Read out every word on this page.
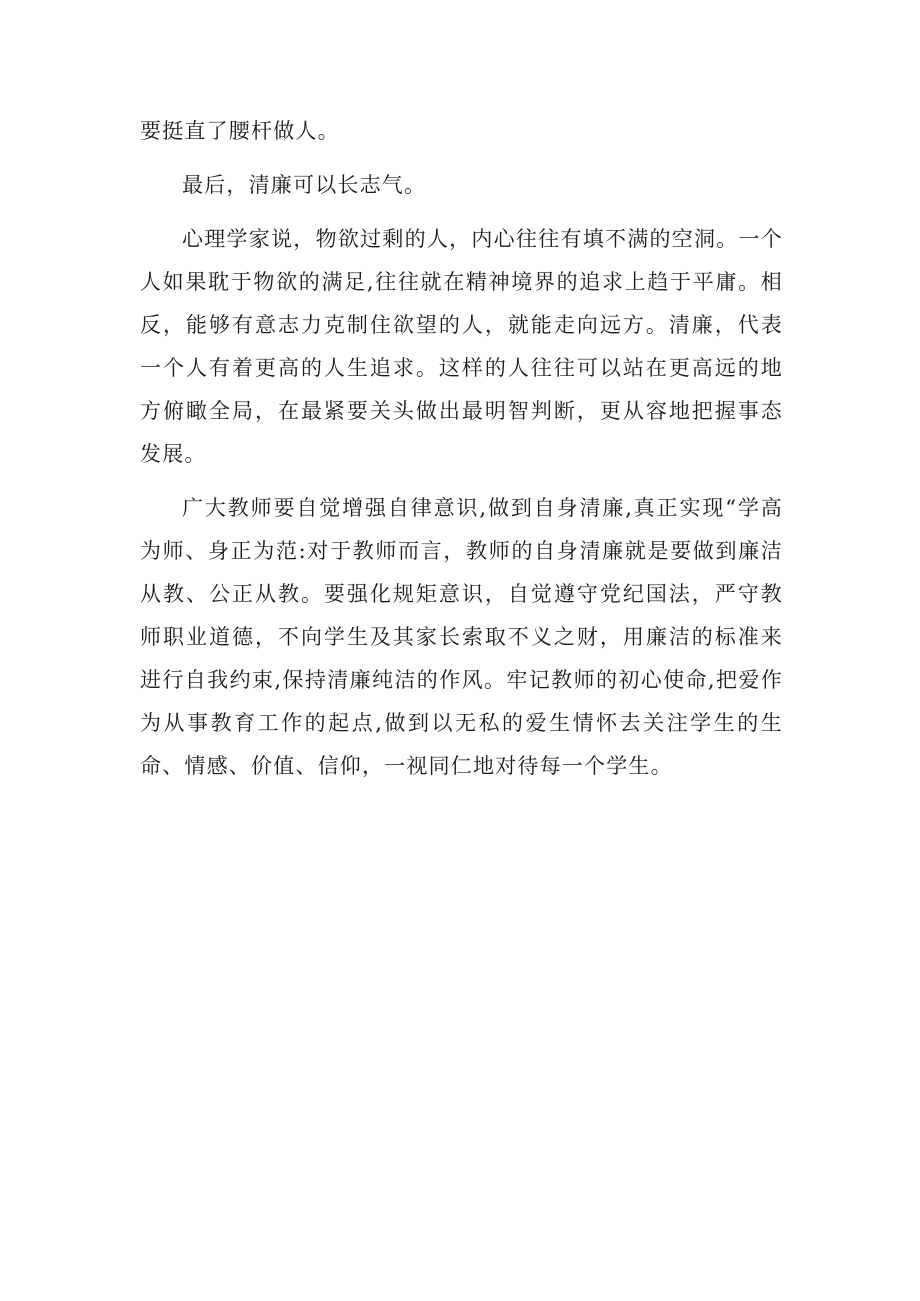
要挺直了腰杆做人。

最后，清廉可以长志气。

心理学家说，物欲过剩的人，内心往往有填不满的空洞。一个人如果耽于物欲的满足,往往就在精神境界的追求上趋于平庸。相反，能够有意志力克制住欲望的人，就能走向远方。清廉，代表一个人有着更高的人生追求。这样的人往往可以站在更高远的地方俯瞰全局，在最紧要关头做出最明智判断，更从容地把握事态发展。

广大教师要自觉增强自律意识,做到自身清廉,真正实现“学高为师、身正为范:对于教师而言，教师的自身清廉就是要做到廉洁从教、公正从教。要强化规矩意识，自觉遵守党纪国法，严守教师职业道德，不向学生及其家长索取不义之财，用廉洁的标准来进行自我约束,保持清廉纯洁的作风。牢记教师的初心使命,把爱作为从事教育工作的起点,做到以无私的爱生情怀去关注学生的生命、情感、价值、信仰，一视同仁地对待每一个学生。
